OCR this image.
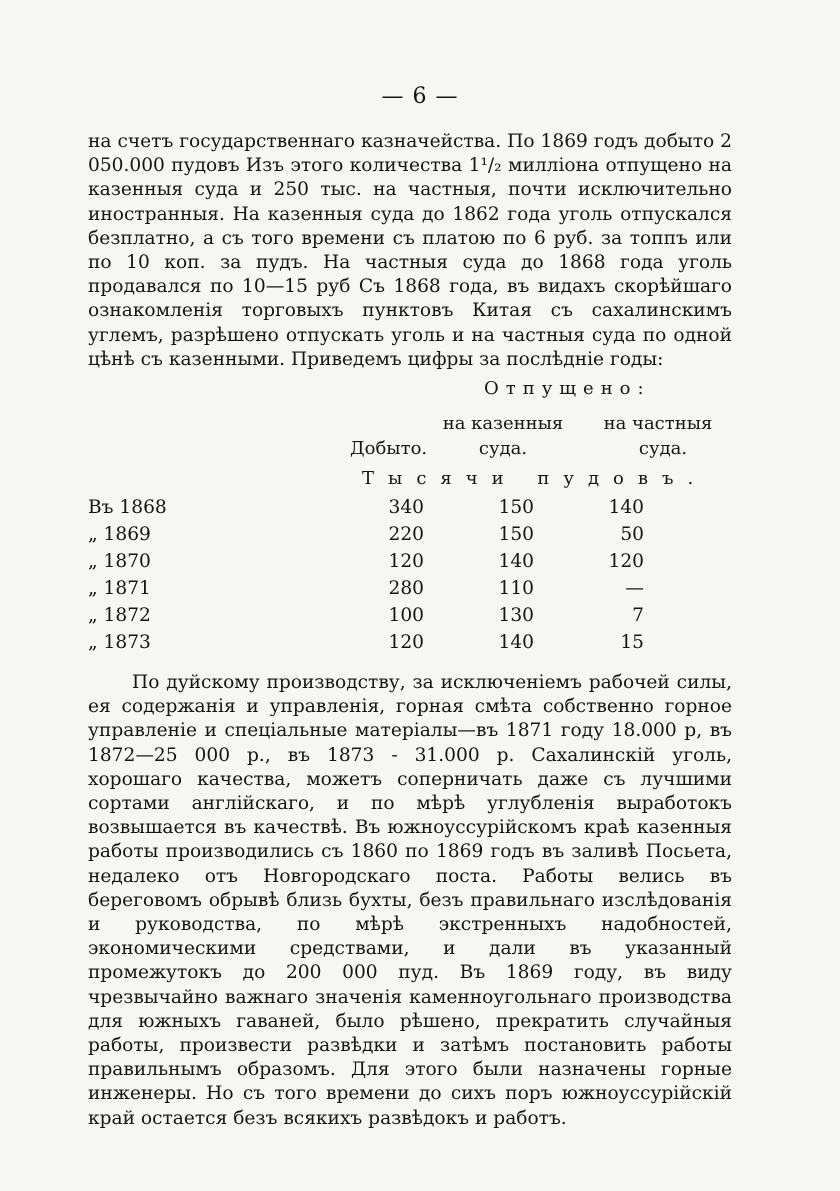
— 6 —

на счетъ государственнаго казначейства. По 1869 годъ добыто 2 050.000 пудовъ Изъ этого количества 1¹/₂ милліона отпущено на казенныя суда и 250 тыс. на частныя, почти исключительно иностранныя. На казенныя суда до 1862 года уголь отпускался безплатно, а съ того времени съ платою по 6 руб. за топпъ или по 10 коп. за пудъ. На частныя суда до 1868 года уголь продавался по 10—15 руб Съ 1868 года, въ видахъ скорѣйшаго ознакомленія торговыхъ пунктовъ Китая съ сахалинскимъ углемъ, разрѣшено отпускать уголь и на частныя суда по одной цѣнѣ съ казенными. Приведемъ цифры за послѣдніе годы:

Отпущено:
на казенныя	на частныя
Добыто.	суда.	суда.
Тысячи пудовъ.
Въ 1868	340	150	140
„ 1869	220	150	50
„ 1870	120	140	120
„ 1871	280	110	—
„ 1872	100	130	7
„ 1873	120	140	15

По дуйскому производству, за исключеніемъ рабочей силы, ея содержанія и управленія, горная смѣта собственно горное управленіе и спеціальные матеріалы—въ 1871 году 18.000 р, въ 1872—25 000 р., въ 1873 - 31.000 р. Сахалинскій уголь, хорошаго качества, можетъ соперничать даже съ лучшими сортами англійскаго, и по мѣрѣ углубленія выработокъ возвышается въ качествѣ. Въ южноуссурійскомъ краѣ казенныя работы производились съ 1860 по 1869 годъ въ заливѣ Посьета, недалеко отъ Новгородскаго поста. Работы велись въ береговомъ обрывѣ близь бухты, безъ правильнаго изслѣдованія и руководства, по мѣрѣ экстренныхъ надобностей, экономическими средствами, и дали въ указанный промежутокъ до 200 000 пуд. Въ 1869 году, въ виду чрезвычайно важнаго значенія каменноугольнаго производства для южныхъ гаваней, было рѣшено, прекратить случайныя работы, произвести развѣдки и затѣмъ постановить работы правильнымъ образомъ. Для этого были назначены горные инженеры. Но съ того времени до сихъ поръ южноуссурійскій край остается безъ всякихъ развѣдокъ и работъ.
